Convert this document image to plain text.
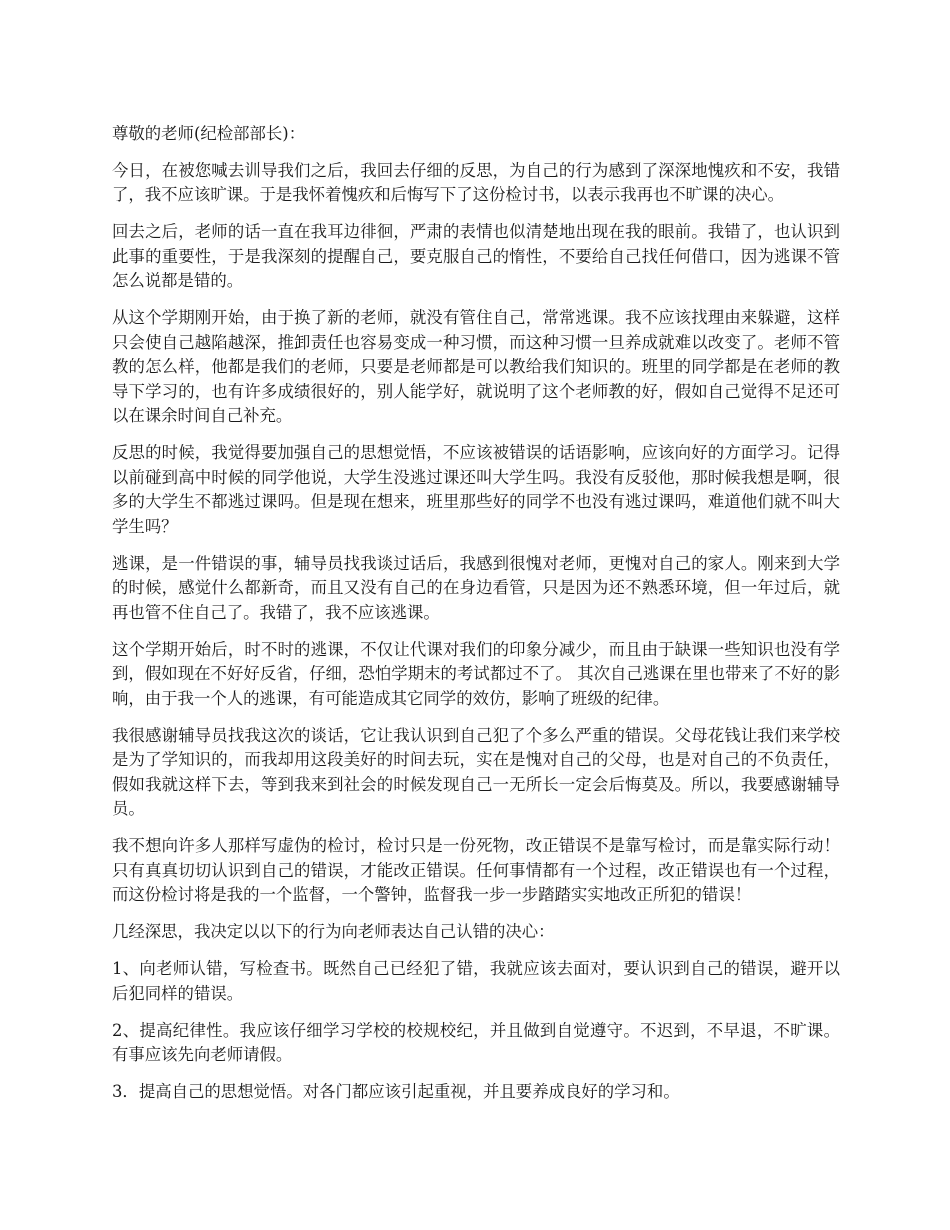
尊敬的老师(纪检部部长)：

今日，在被您喊去训导我们之后，我回去仔细的反思，为自己的行为感到了深深地愧疚和不安，我错了，我不应该旷课。于是我怀着愧疚和后悔写下了这份检讨书，以表示我再也不旷课的决心。

回去之后，老师的话一直在我耳边徘徊，严肃的表情也似清楚地出现在我的眼前。我错了，也认识到此事的重要性，于是我深刻的提醒自己，要克服自己的惰性，不要给自己找任何借口，因为逃课不管怎么说都是错的。

从这个学期刚开始，由于换了新的老师，就没有管住自己，常常逃课。我不应该找理由来躲避，这样只会使自己越陷越深，推卸责任也容易变成一种习惯，而这种习惯一旦养成就难以改变了。老师不管教的怎么样，他都是我们的老师，只要是老师都是可以教给我们知识的。班里的同学都是在老师的教导下学习的，也有许多成绩很好的，别人能学好，就说明了这个老师教的好，假如自己觉得不足还可以在课余时间自己补充。

反思的时候，我觉得要加强自己的思想觉悟，不应该被错误的话语影响，应该向好的方面学习。记得以前碰到高中时候的同学他说，大学生没逃过课还叫大学生吗。我没有反驳他，那时候我想是啊，很多的大学生不都逃过课吗。但是现在想来，班里那些好的同学不也没有逃过课吗，难道他们就不叫大学生吗？

逃课，是一件错误的事，辅导员找我谈过话后，我感到很愧对老师，更愧对自己的家人。刚来到大学的时候，感觉什么都新奇，而且又没有自己的在身边看管，只是因为还不熟悉环境，但一年过后，就再也管不住自己了。我错了，我不应该逃课。

这个学期开始后，时不时的逃课，不仅让代课对我们的印象分减少，而且由于缺课一些知识也没有学到，假如现在不好好反省，仔细，恐怕学期末的考试都过不了。 其次自己逃课在里也带来了不好的影响，由于我一个人的逃课，有可能造成其它同学的效仿，影响了班级的纪律。

我很感谢辅导员找我这次的谈话，它让我认识到自己犯了个多么严重的错误。父母花钱让我们来学校是为了学知识的，而我却用这段美好的时间去玩，实在是愧对自己的父母，也是对自己的不负责任，假如我就这样下去，等到我来到社会的时候发现自己一无所长一定会后悔莫及。所以，我要感谢辅导员。

我不想向许多人那样写虚伪的检讨，检讨只是一份死物，改正错误不是靠写检讨，而是靠实际行动！只有真真切切认识到自己的错误，才能改正错误。任何事情都有一个过程，改正错误也有一个过程，而这份检讨将是我的一个监督，一个警钟，监督我一步一步踏踏实实地改正所犯的错误！

几经深思，我决定以以下的行为向老师表达自己认错的决心：

1、向老师认错，写检查书。既然自己已经犯了错，我就应该去面对，要认识到自己的错误，避开以后犯同样的错误。

2、提高纪律性。我应该仔细学习学校的校规校纪，并且做到自觉遵守。不迟到，不早退，不旷课。有事应该先向老师请假。

3．提高自己的思想觉悟。对各门都应该引起重视，并且要养成良好的学习和。
